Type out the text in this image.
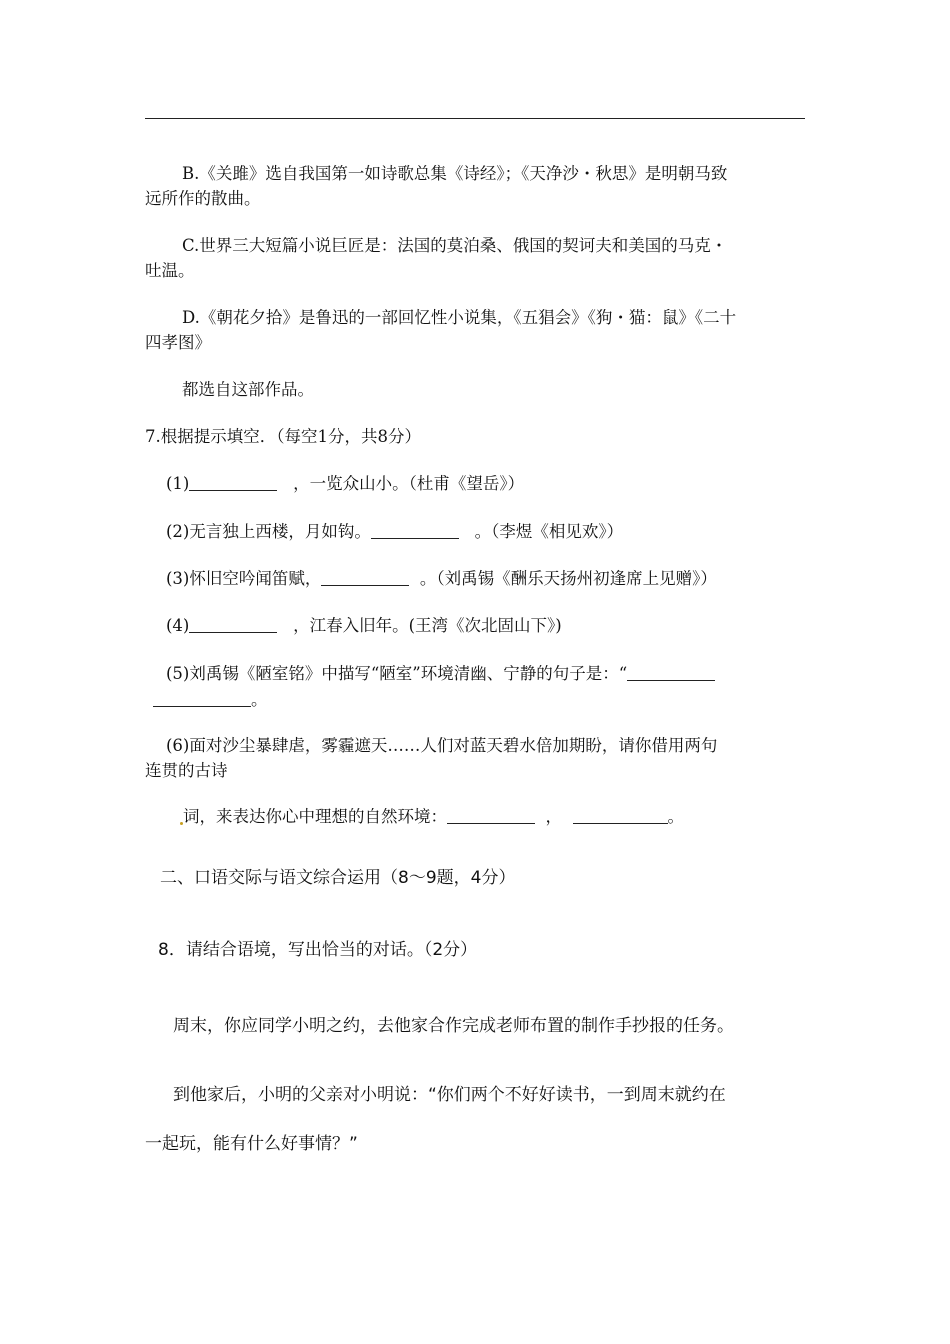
B.《关雎》选自我国第一如诗歌总集《诗经》；《天净沙・秋思》是明朝马致
远所作的散曲。
C.世界三大短篇小说巨匠是：法国的莫泊桑、俄国的契诃夫和美国的马克・
吐温。
D.《朝花夕拾》是鲁迅的一部回忆性小说集，《五猖会》《狗・猫：鼠》《二十
四孝图》
都选自这部作品。
7.根据提示填空．（每空1分，共8分）
(1)	，一览众山小。（杜甫《望岳》）
(2)无言独上西楼，月如钩。	。（李煜《相见欢》）
(3)怀旧空吟闻笛赋，	。（刘禹锡《酬乐天扬州初逢席上见赠》）
(4)	，江春入旧年。(王湾《次北固山下》)
(5)刘禹锡《陋室铭》中描写“陋室”环境清幽、宁静的句子是：“
。
(6)面对沙尘暴肆虐，雾霾遮天……人们对蓝天碧水倍加期盼，请你借用两句
连贯的古诗
词，来表达你心中理想的自然环境：	，	。
二、口语交际与语文综合运用（8～9题，4分）
8．请结合语境，写出恰当的对话。（2分）
周末，你应同学小明之约，去他家合作完成老师布置的制作手抄报的任务。
到他家后，小明的父亲对小明说：“你们两个不好好读书，一到周末就约在
一起玩，能有什么好事情？”
